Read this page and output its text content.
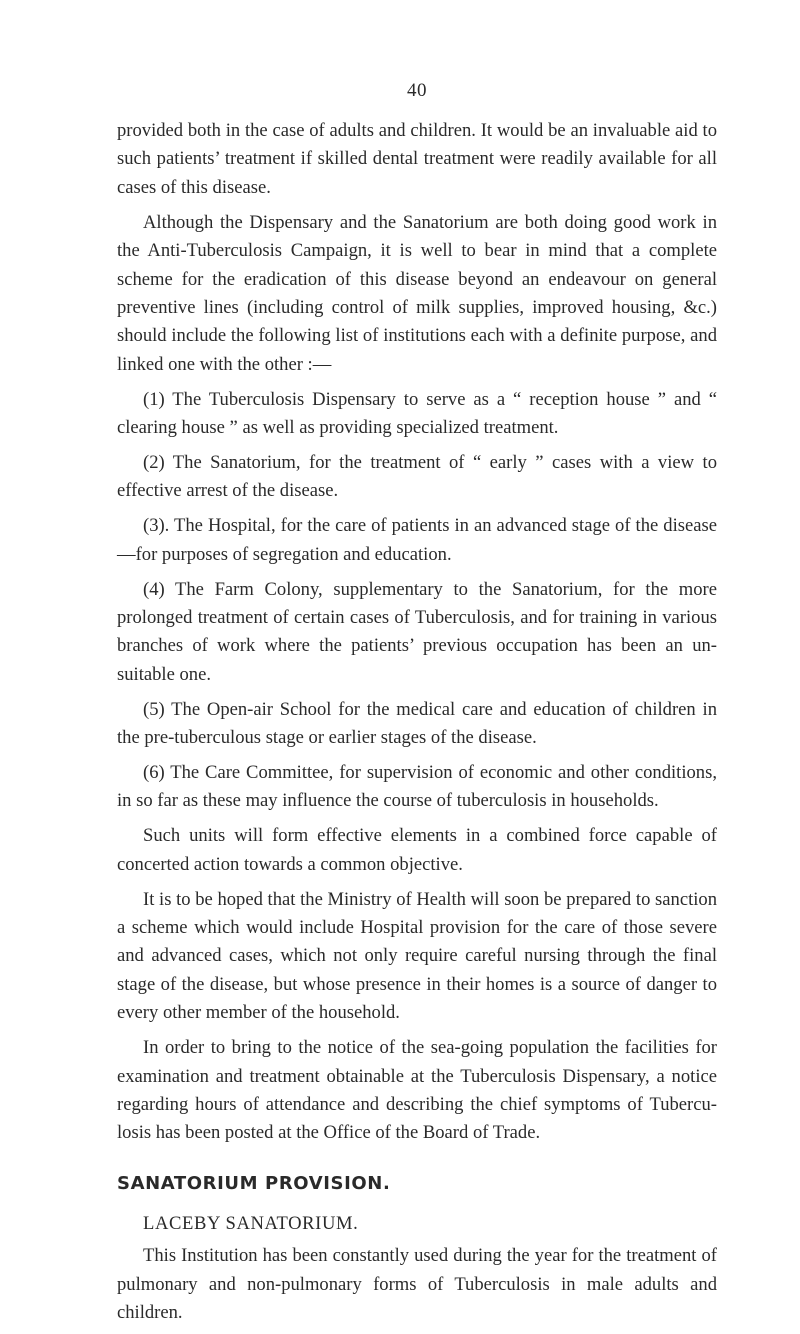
40

provided both in the case of adults and children. It would be an invaluable aid to such patients’ treatment if skilled dental treatment were readily available for all cases of this disease.

Although the Dispensary and the Sanatorium are both doing good work in the Anti-Tuberculosis Campaign, it is well to bear in mind that a complete scheme for the eradication of this disease beyond an endeavour on general preventive lines (including control of milk supplies, improved housing, &c.) should include the following list of institutions each with a definite purpose, and linked one with the other :—

(1) The Tuberculosis Dispensary to serve as a “ reception house ” and “ clearing house ” as well as providing specialized treatment.

(2) The Sanatorium, for the treatment of “ early ” cases with a view to effective arrest of the disease.

(3). The Hospital, for the care of patients in an advanced stage of the disease—for purposes of segregation and education.

(4) The Farm Colony, supplementary to the Sanatorium, for the more prolonged treatment of certain cases of Tuberculosis, and for training in various branches of work where the patients’ previous occupation has been an un-suitable one.

(5) The Open-air School for the medical care and education of children in the pre-tuberculous stage or earlier stages of the disease.

(6) The Care Committee, for supervision of economic and other conditions, in so far as these may influence the course of tuberculosis in households.

Such units will form effective elements in a combined force capable of concerted action towards a common objective.

It is to be hoped that the Ministry of Health will soon be prepared to sanction a scheme which would include Hospital provision for the care of those severe and advanced cases, which not only require careful nursing through the final stage of the disease, but whose presence in their homes is a source of danger to every other member of the household.

In order to bring to the notice of the sea-going population the facilities for examination and treatment obtainable at the Tuberculosis Dispensary, a notice regarding hours of attendance and describing the chief symptoms of Tubercu-losis has been posted at the Office of the Board of Trade.

SANATORIUM PROVISION.
LACEBY SANATORIUM.

This Institution has been constantly used during the year for the treatment of pulmonary and non-pulmonary forms of Tuberculosis in male adults and children.
